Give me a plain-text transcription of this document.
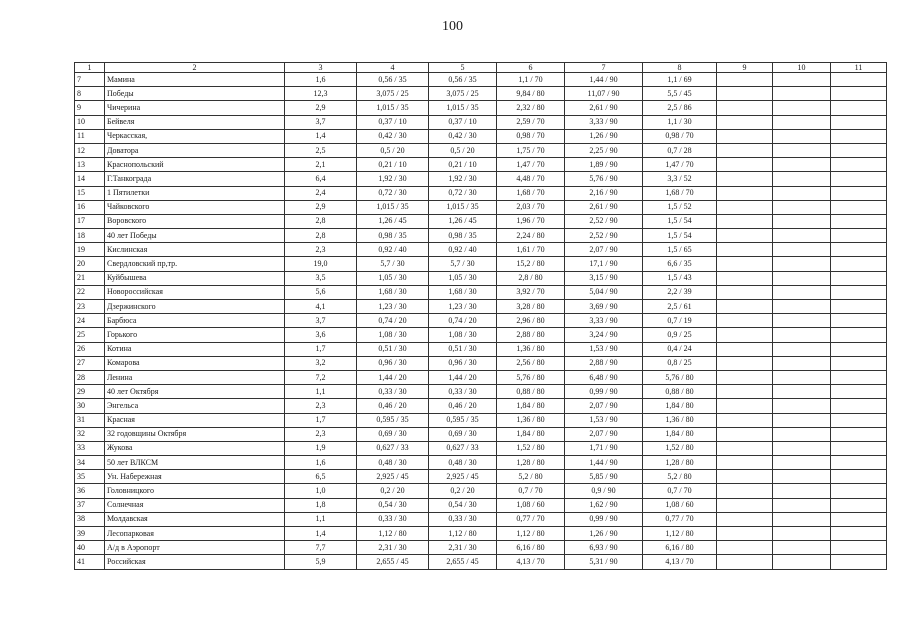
100
1	2	3	4	5	6	7	8	9	10	11
7	Мамина	1,6	0,56 / 35	0,56 / 35	1,1 / 70	1,44 / 90	1,1 / 69			
8	Победы	12,3	3,075 / 25	3,075 / 25	9,84 / 80	11,07 / 90	5,5 / 45			
9	Чичерина	2,9	1,015 / 35	1,015 / 35	2,32 / 80	2,61 / 90	2,5 / 86			
10	Бейвеля	3,7	0,37 / 10	0,37 / 10	2,59 / 70	3,33 / 90	1,1 / 30			
11	Черкасская,	1,4	0,42 / 30	0,42 / 30	0,98 / 70	1,26 / 90	0,98 / 70			
12	Доватора	2,5	0,5 / 20	0,5 / 20	1,75 / 70	2,25 / 90	0,7 / 28			
13	Краснопольский	2,1	0,21 / 10	0,21 / 10	1,47 / 70	1,89 / 90	1,47 / 70			
14	Г.Танкограда	6,4	1,92 / 30	1,92 / 30	4,48 / 70	5,76 / 90	3,3 / 52			
15	1 Пятилетки	2,4	0,72 / 30	0,72 / 30	1,68 / 70	2,16 / 90	1,68 / 70			
16	Чайковского	2,9	1,015 / 35	1,015 / 35	2,03 / 70	2,61 / 90	1,5 / 52			
17	Воровского	2,8	1,26 / 45	1,26 / 45	1,96 / 70	2,52 / 90	1,5 / 54			
18	40 лет Победы	2,8	0,98 / 35	0,98 / 35	2,24 / 80	2,52 / 90	1,5 / 54			
19	Кислинская	2,3	0,92 / 40	0,92 / 40	1,61 / 70	2,07 / 90	1,5 / 65			
20	Свердловский пр,тр.	19,0	5,7 / 30	5,7 / 30	15,2 / 80	17,1 / 90	6,6 / 35			
21	Куйбышева	3,5	1,05 / 30	1,05 / 30	2,8 / 80	3,15 / 90	1,5 / 43			
22	Новороссийская	5,6	1,68 / 30	1,68 / 30	3,92 / 70	5,04 / 90	2,2 / 39			
23	Дзержинского	4,1	1,23 / 30	1,23 / 30	3,28 / 80	3,69 / 90	2,5 / 61			
24	Барбюса	3,7	0,74 / 20	0,74 / 20	2,96 / 80	3,33 / 90	0,7 / 19			
25	Горького	3,6	1,08 / 30	1,08 / 30	2,88 / 80	3,24 / 90	0,9 / 25			
26	Котина	1,7	0,51 / 30	0,51 / 30	1,36 / 80	1,53 / 90	0,4 / 24			
27	Комарова	3,2	0,96 / 30	0,96 / 30	2,56 / 80	2,88 / 90	0,8 / 25			
28	Ленина	7,2	1,44 / 20	1,44 / 20	5,76 / 80	6,48 / 90	5,76 / 80			
29	40 лет Октября	1,1	0,33 / 30	0,33 / 30	0,88 / 80	0,99 / 90	0,88 / 80			
30	Энгельса	2,3	0,46 / 20	0,46 / 20	1,84 / 80	2,07 / 90	1,84 / 80			
31	Красная	1,7	0,595 / 35	0,595 / 35	1,36 / 80	1,53 / 90	1,36 / 80			
32	32 годовщины Октября	2,3	0,69 / 30	0,69 / 30	1,84 / 80	2,07 / 90	1,84 / 80			
33	Жукова	1,9	0,627 / 33	0,627 / 33	1,52 / 80	1,71 / 90	1,52 / 80			
34	50 лет ВЛКСМ	1,6	0,48 / 30	0,48 / 30	1,28 / 80	1,44 / 90	1,28 / 80			
35	Ун. Набережная	6,5	2,925 / 45	2,925 / 45	5,2 / 80	5,85 / 90	5,2 / 80			
36	Головницкого	1,0	0,2 / 20	0,2 / 20	0,7 / 70	0,9 / 90	0,7 / 70			
37	Солнечная	1,8	0,54 / 30	0,54 / 30	1,08 / 60	1,62 / 90	1,08 / 60			
38	Молдавская	1,1	0,33 / 30	0,33 / 30	0,77 / 70	0,99 / 90	0,77 / 70			
39	Лесопарковая	1,4	1,12 / 80	1,12 / 80	1,12 / 80	1,26 / 90	1,12 / 80			
40	А/д в Аэропорт	7,7	2,31 / 30	2,31 / 30	6,16 / 80	6,93 / 90	6,16 / 80			
41	Российская	5,9	2,655 / 45	2,655 / 45	4,13 / 70	5,31 / 90	4,13 / 70			
